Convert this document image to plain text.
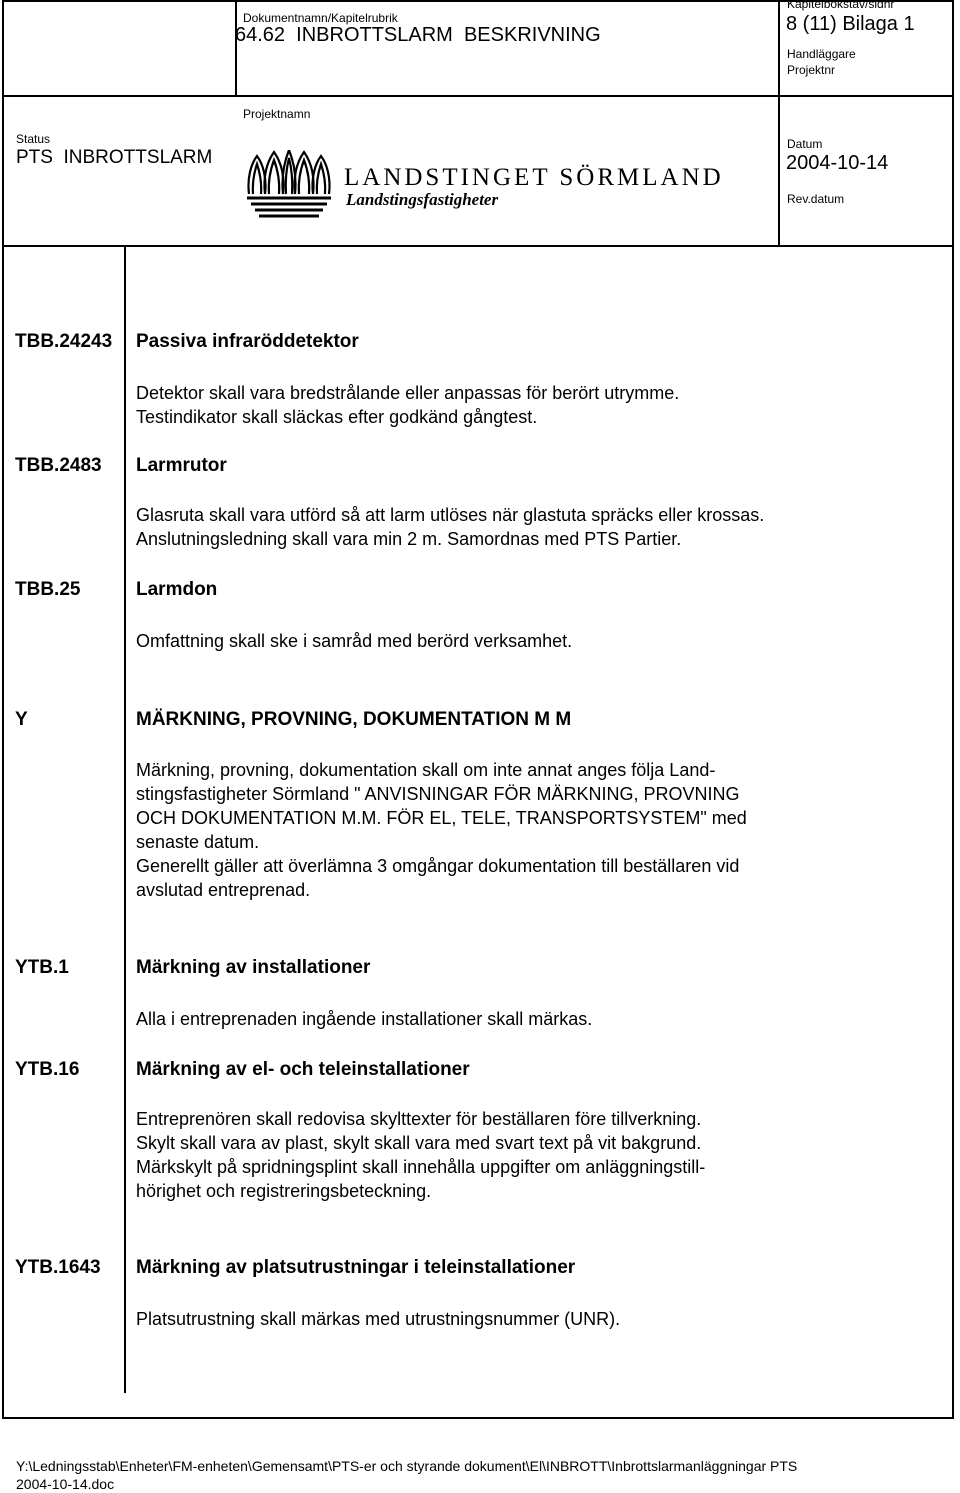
Dokumentnamn/Kapitelrubrik
64.62  INBROTTSLARM  BESKRIVNING
Kapitelbokstav/sidnr
8 (11) Bilaga 1
Handläggare
Projektnr
Projektnamn
Status
PTS  INBROTTSLARM
Datum
2004-10-14
Rev.datum
LANDSTINGET SÖRMLAND
Landstingsfastigheter
TBB.24243 Passiva infraröddetektor
Detektor skall vara bredstrålande eller anpassas för berört utrymme.
Testindikator skall släckas efter godkänd gångtest.
TBB.2483 Larmrutor
Glasruta skall vara utförd så att larm utlöses när glastuta spräcks eller krossas.
Anslutningsledning skall vara min 2 m. Samordnas med PTS Partier.
TBB.25	Larmdon
Omfattning skall ske i samråd med berörd verksamhet.
Y	MÄRKNING, PROVNING, DOKUMENTATION M M
Märkning, provning, dokumentation skall om inte annat anges följa Land-
stingsfastigheter Sörmland " ANVISNINGAR FÖR MÄRKNING, PROVNING
OCH DOKUMENTATION M.M. FÖR EL, TELE, TRANSPORTSYSTEM" med
senaste datum.
Generellt gäller att överlämna 3 omgångar dokumentation till beställaren vid
avslutad entreprenad.
YTB.1	Märkning av installationer
Alla i entreprenaden ingående installationer skall märkas.
YTB.16	Märkning av el- och teleinstallationer
Entreprenören skall redovisa skylttexter för beställaren före tillverkning.
Skylt skall vara av plast, skylt skall vara med svart text på vit bakgrund.
Märkskylt på spridningsplint skall innehålla uppgifter om anläggningstill-
hörighet och registreringsbeteckning.
YTB.1643 Märkning av platsutrustningar i teleinstallationer
Platsutrustning skall märkas med utrustningsnummer (UNR).
Y:\Ledningsstab\Enheter\FM-enheten\Gemensamt\PTS-er och styrande dokument\El\INBROTT\Inbrottslarmanläggningar PTS
2004-10-14.doc
